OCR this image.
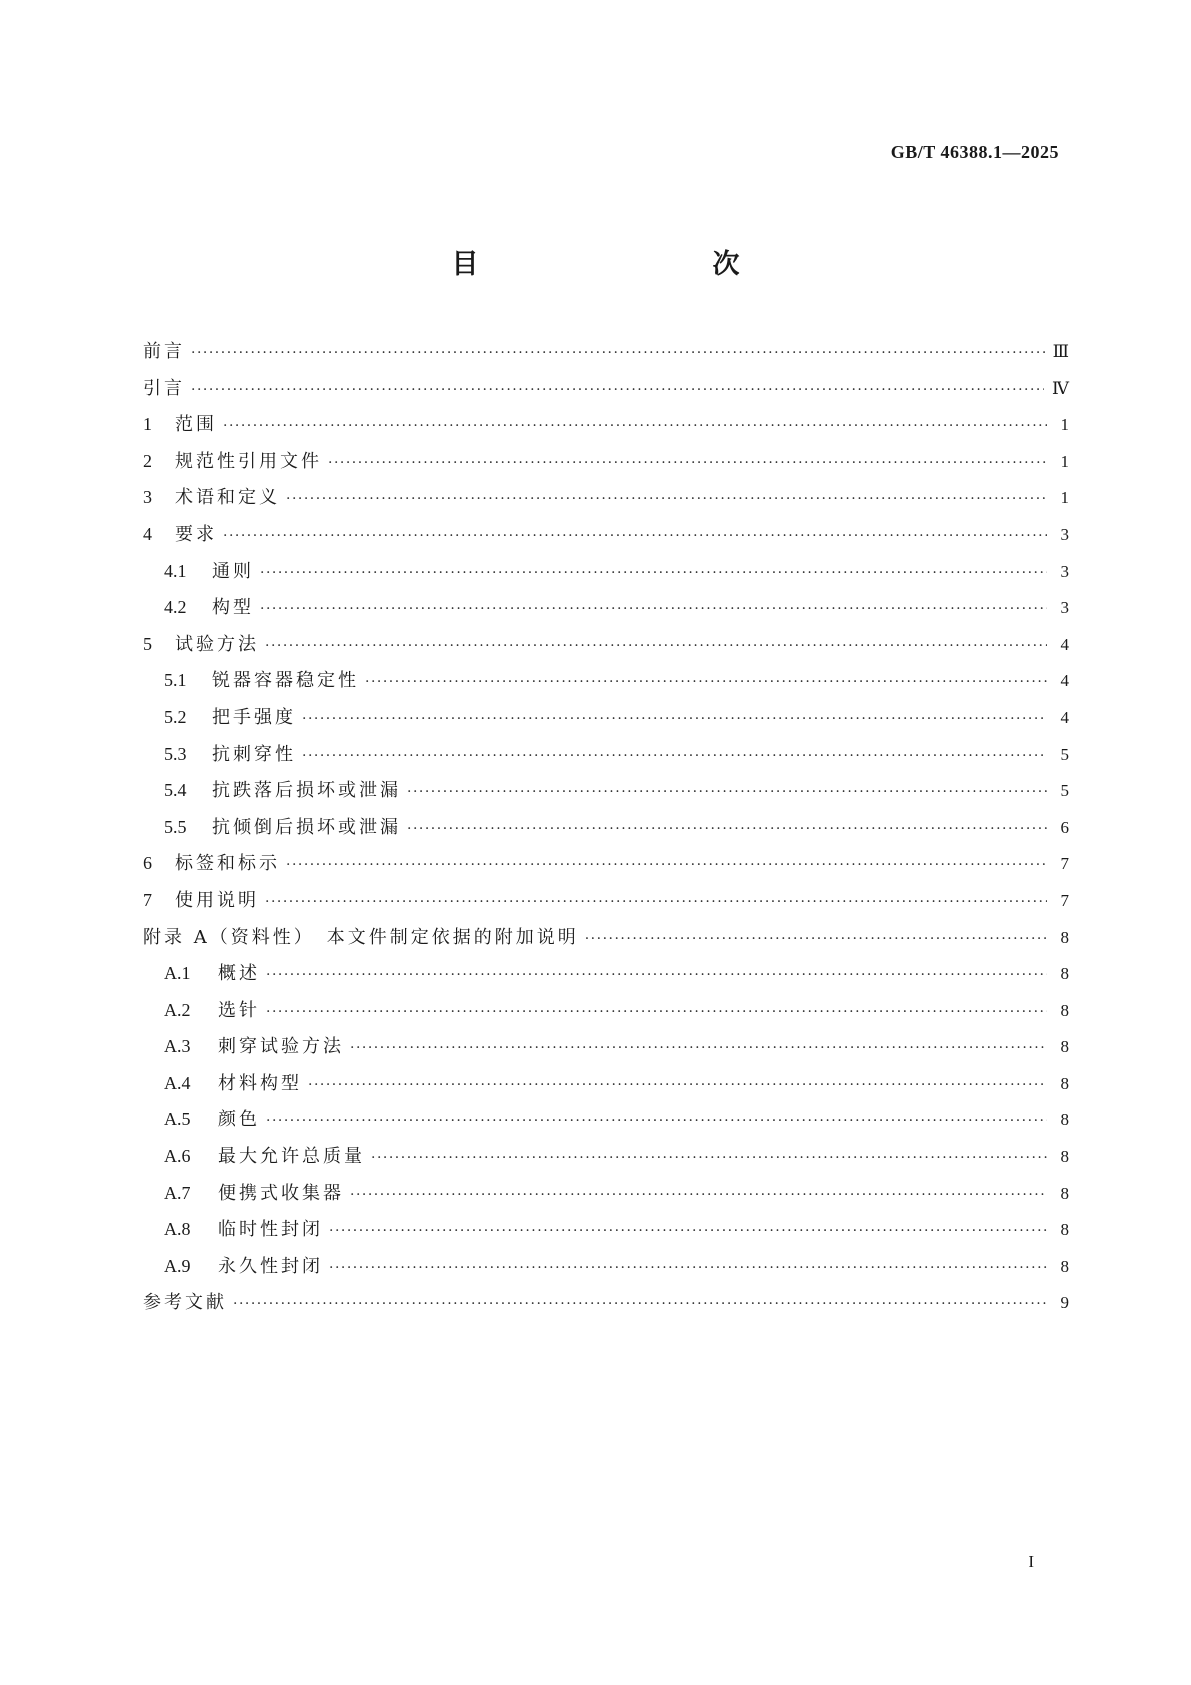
GB/T 46388.1—2025
目　　次
前言 ·····	Ⅲ
引言 ·····	Ⅳ
1	范围 ·····	1
2	规范性引用文件 ·····	1
3	术语和定义 ·····	1
4	要求 ·····	3
4.1	通则 ·····	3
4.2	构型 ·····	3
5	试验方法 ·····	4
5.1	锐器容器稳定性 ·····	4
5.2	把手强度 ·····	4
5.3	抗刺穿性 ·····	5
5.4	抗跌落后损坏或泄漏 ·····	5
5.5	抗倾倒后损坏或泄漏 ·····	6
6	标签和标示 ·····	7
7	使用说明 ·····	7
附录 A（资料性）　本文件制定依据的附加说明 ·····	8
A.1	概述 ·····	8
A.2	选针 ·····	8
A.3	刺穿试验方法 ·····	8
A.4	材料构型 ·····	8
A.5	颜色 ·····	8
A.6	最大允许总质量 ·····	8
A.7	便携式收集器 ·····	8
A.8	临时性封闭 ·····	8
A.9	永久性封闭 ·····	8
参考文献 ·····	9
I
